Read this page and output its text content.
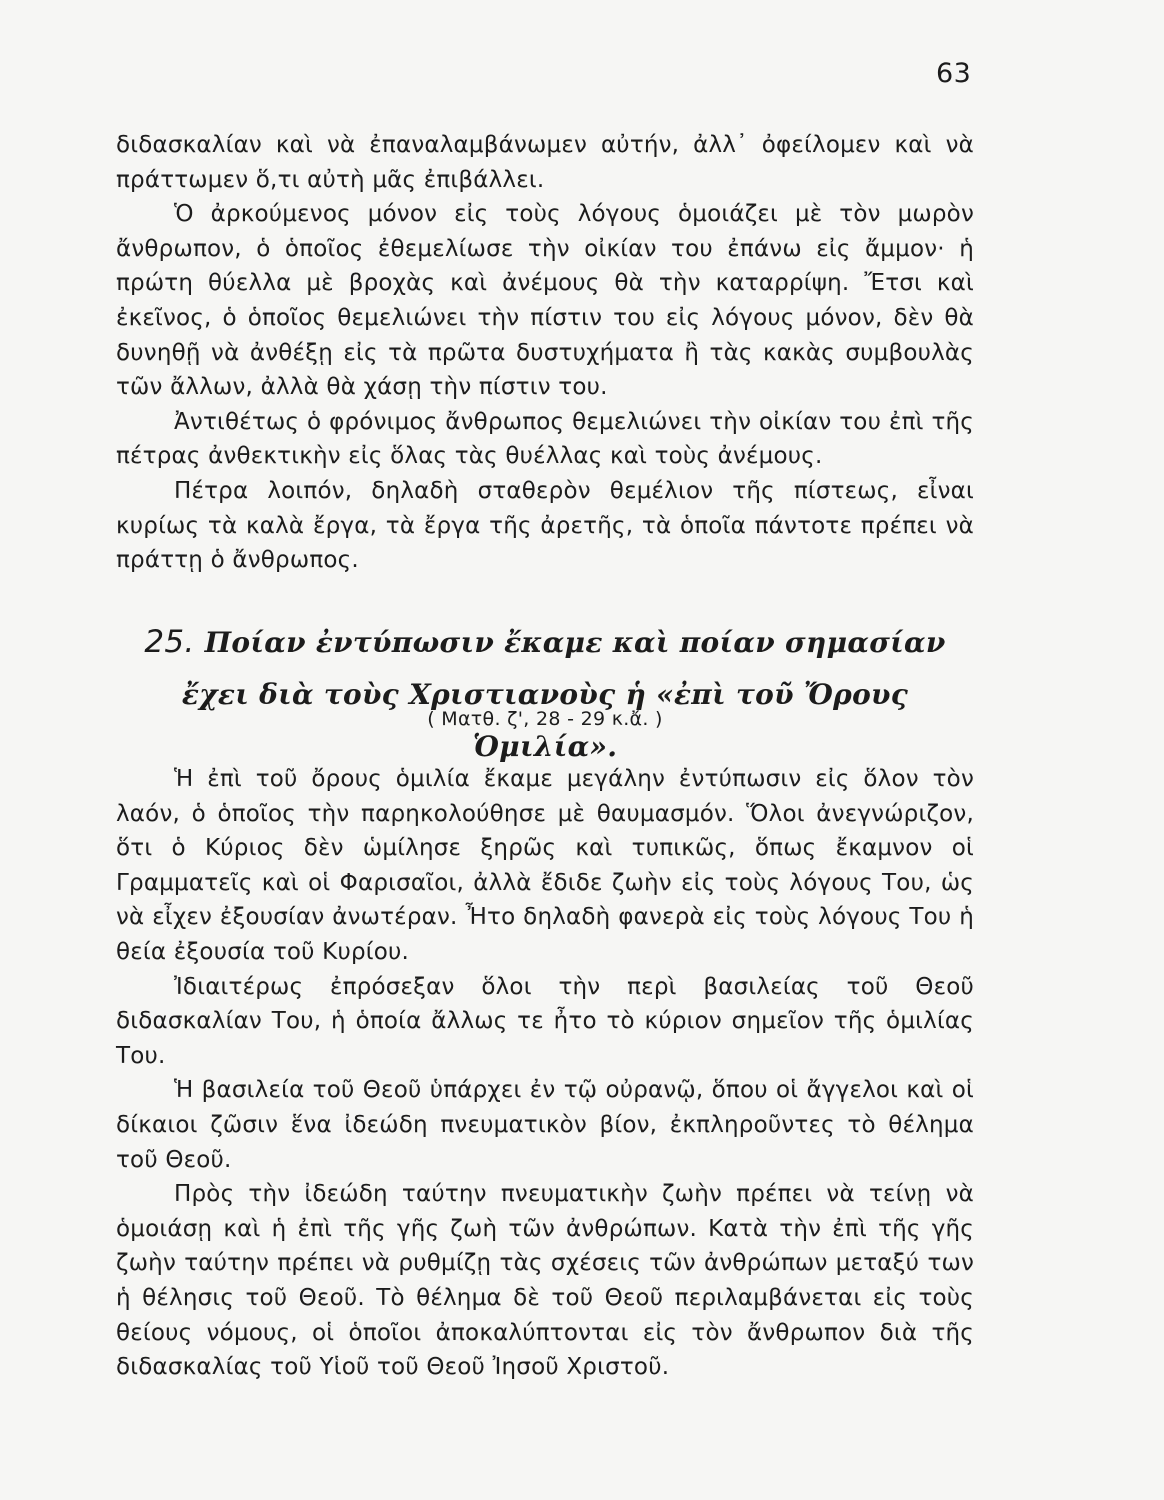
63

διδασκαλίαν καὶ νὰ ἐπαναλαμβάνωμεν αὐτήν, ἀλλ᾽ ὀφείλομεν καὶ νὰ πράττωμεν ὅ,τι αὐτὴ μᾶς ἐπιβάλλει.

Ὁ ἀρκούμενος μόνον εἰς τοὺς λόγους ὁμοιάζει μὲ τὸν μωρὸν ἄνθρωπον, ὁ ὁποῖος ἐθεμελίωσε τὴν οἰκίαν του ἐπάνω εἰς ἄμμον· ἡ πρώτη θύελλα μὲ βροχὰς καὶ ἀνέμους θὰ τὴν καταρρίψη. Ἔτσι καὶ ἐκεῖνος, ὁ ὁποῖος θεμελιώνει τὴν πίστιν του εἰς λόγους μόνον, δὲν θὰ δυνηθῇ νὰ ἀνθέξῃ εἰς τὰ πρῶτα δυστυχήματα ἢ τὰς κακὰς συμβουλὰς τῶν ἄλλων, ἀλλὰ θὰ χάσῃ τὴν πίστιν του.

Ἀντιθέτως ὁ φρόνιμος ἄνθρωπος θεμελιώνει τὴν οἰκίαν του ἐπὶ τῆς πέτρας ἀνθεκτικὴν εἰς ὅλας τὰς θυέλλας καὶ τοὺς ἀνέμους.

Πέτρα λοιπόν, δηλαδὴ σταθερὸν θεμέλιον τῆς πίστεως, εἶναι κυρίως τὰ καλὰ ἔργα, τὰ ἔργα τῆς ἀρετῆς, τὰ ὁποῖα πάντοτε πρέπει νὰ πράττῃ ὁ ἄνθρωπος.

25. Ποίαν ἐντύπωσιν ἔκαμε καὶ ποίαν σημασίαν ἔχει διὰ τοὺς Χριστιανοὺς ἡ «ἐπὶ τοῦ Ὄρους Ὁμιλία».
( Ματθ. ζ', 28 - 29 κ.ἄ. )

Ἡ ἐπὶ τοῦ ὄρους ὁμιλία ἔκαμε μεγάλην ἐντύπωσιν εἰς ὅλον τὸν λαόν, ὁ ὁποῖος τὴν παρηκολούθησε μὲ θαυμασμόν. Ὅλοι ἀνεγνώριζον, ὅτι ὁ Κύριος δὲν ὡμίλησε ξηρῶς καὶ τυπικῶς, ὅπως ἔκαμνον οἱ Γραμματεῖς καὶ οἱ Φαρισαῖοι, ἀλλὰ ἔδιδε ζωὴν εἰς τοὺς λόγους Του, ὡς νὰ εἶχεν ἐξουσίαν ἀνωτέραν. Ἦτο δηλαδὴ φανερὰ εἰς τοὺς λόγους Του ἡ θεία ἐξουσία τοῦ Κυρίου.

Ἰδιαιτέρως ἐπρόσεξαν ὅλοι τὴν περὶ βασιλείας τοῦ Θεοῦ διδασκαλίαν Του, ἡ ὁποία ἄλλως τε ἦτο τὸ κύριον σημεῖον τῆς ὁμιλίας Του.

Ἡ βασιλεία τοῦ Θεοῦ ὑπάρχει ἐν τῷ οὐρανῷ, ὅπου οἱ ἄγγελοι καὶ οἱ δίκαιοι ζῶσιν ἕνα ἰδεώδη πνευματικὸν βίον, ἐκπληροῦντες τὸ θέλημα τοῦ Θεοῦ.

Πρὸς τὴν ἰδεώδη ταύτην πνευματικὴν ζωὴν πρέπει νὰ τείνῃ νὰ ὁμοιάσῃ καὶ ἡ ἐπὶ τῆς γῆς ζωὴ τῶν ἀνθρώπων. Κατὰ τὴν ἐπὶ τῆς γῆς ζωὴν ταύτην πρέπει νὰ ρυθμίζῃ τὰς σχέσεις τῶν ἀνθρώπων μεταξύ των ἡ θέλησις τοῦ Θεοῦ. Τὸ θέλημα δὲ τοῦ Θεοῦ περιλαμβάνεται εἰς τοὺς θείους νόμους, οἱ ὁποῖοι ἀποκαλύπτονται εἰς τὸν ἄνθρωπον διὰ τῆς διδασκαλίας τοῦ Υἱοῦ τοῦ Θεοῦ Ἰησοῦ Χριστοῦ.
